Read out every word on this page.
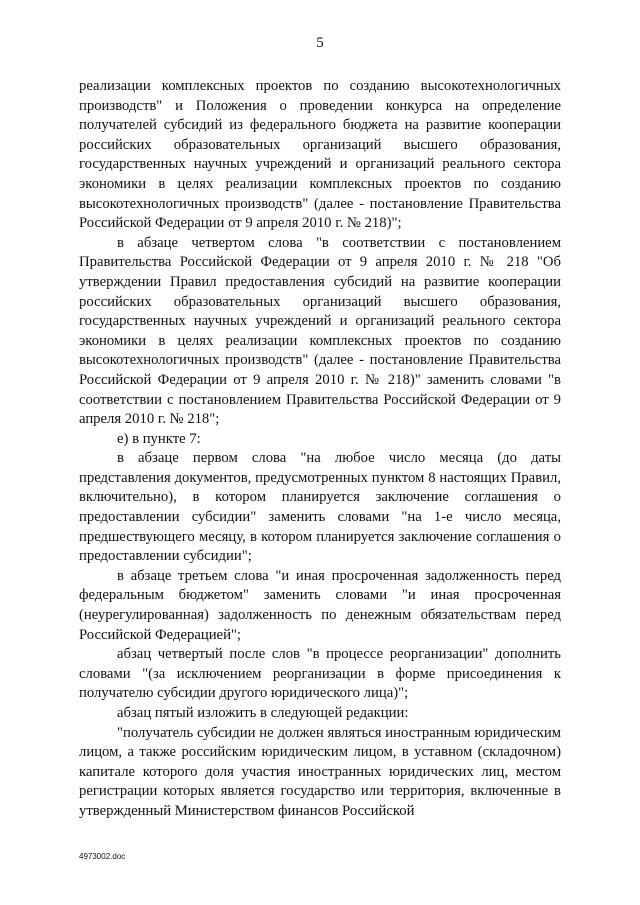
5

реализации комплексных проектов по созданию высокотехнологичных производств" и Положения о проведении конкурса на определение получателей субсидий из федерального бюджета на развитие кооперации российских образовательных организаций высшего образования, государственных научных учреждений и организаций реального сектора экономики в целях реализации комплексных проектов по созданию высокотехнологичных производств" (далее - постановление Правительства Российской Федерации от 9 апреля 2010 г. № 218)";

в абзаце четвертом слова "в соответствии с постановлением Правительства Российской Федерации от 9 апреля 2010 г. № 218 "Об утверждении Правил предоставления субсидий на развитие кооперации российских образовательных организаций высшего образования, государственных научных учреждений и организаций реального сектора экономики в целях реализации комплексных проектов по созданию высокотехнологичных производств" (далее - постановление Правительства Российской Федерации от 9 апреля 2010 г. № 218)" заменить словами "в соответствии с постановлением Правительства Российской Федерации от 9 апреля 2010 г. № 218";

е) в пункте 7:

в абзаце первом слова "на любое число месяца (до даты представления документов, предусмотренных пунктом 8 настоящих Правил, включительно), в котором планируется заключение соглашения о предоставлении субсидии" заменить словами "на 1-е число месяца, предшествующего месяцу, в котором планируется заключение соглашения о предоставлении субсидии";

в абзаце третьем слова "и иная просроченная задолженность перед федеральным бюджетом" заменить словами "и иная просроченная (неурегулированная) задолженность по денежным обязательствам перед Российской Федерацией";

абзац четвертый после слов "в процессе реорганизации" дополнить словами "(за исключением реорганизации в форме присоединения к получателю субсидии другого юридического лица)";

абзац пятый изложить в следующей редакции:

"получатель субсидии не должен являться иностранным юридическим лицом, а также российским юридическим лицом, в уставном (складочном) капитале которого доля участия иностранных юридических лиц, местом регистрации которых является государство или территория, включенные в утвержденный Министерством финансов Российской

4973002.doc
